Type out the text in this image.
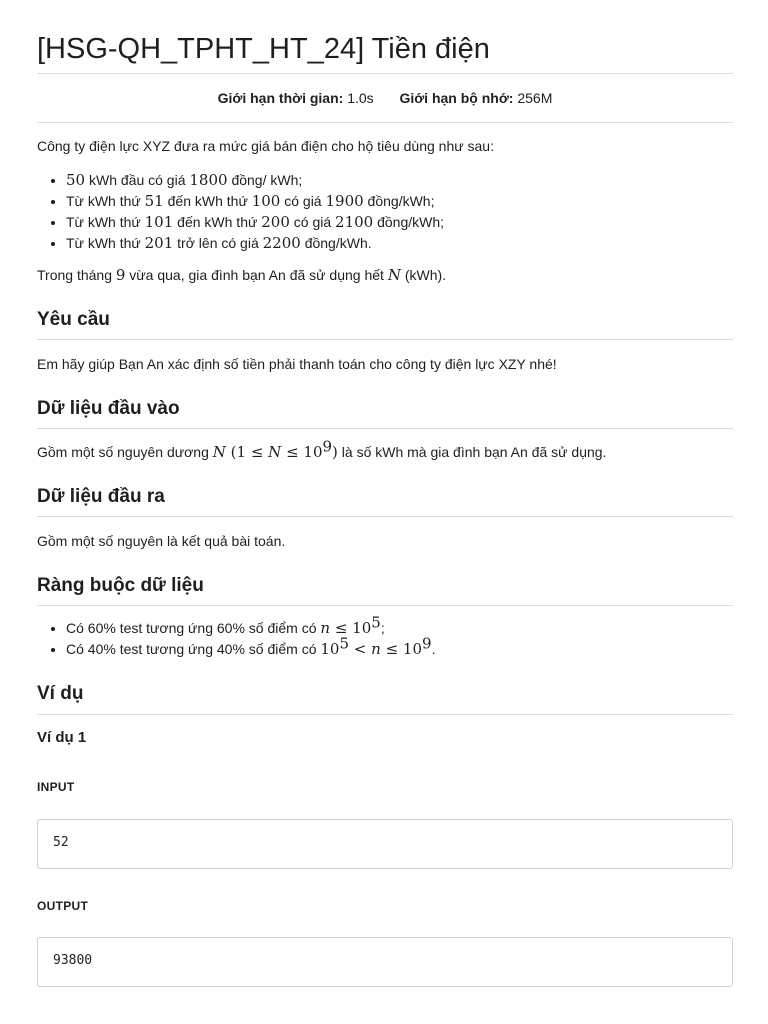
[HSG-QH_TPHT_HT_24] Tiền điện
Giới hạn thời gian: 1.0s Giới hạn bộ nhớ: 256M

Công ty điện lực XYZ đưa ra mức giá bán điện cho hộ tiêu dùng như sau:

• 50 kWh đầu có giá 1800 đồng/ kWh;
• Từ kWh thứ 51 đến kWh thứ 100 có giá 1900 đồng/kWh;
• Từ kWh thứ 101 đến kWh thứ 200 có giá 2100 đồng/kWh;
• Từ kWh thứ 201 trở lên có giá 2200 đồng/kWh.

Trong tháng 9 vừa qua, gia đình bạn An đã sử dụng hết N (kWh).

Yêu cầu

Em hãy giúp Bạn An xác định số tiền phải thanh toán cho công ty điện lực XZY nhé!

Dữ liệu đầu vào

Gồm một số nguyên dương N $(1 \le N \le 10^9)$ là số kWh mà gia đình bạn An đã sử dụng.

Dữ liệu đầu ra

Gồm một số nguyên là kết quả bài toán.

Ràng buộc dữ liệu
• Có 60% test tương ứng 60% số điểm có $n \le 10^5$;
• Có 40% test tương ứng 40% số điểm có $10^5 < n \le 10^9$.
Ví dụ
Ví dụ 1
INPUT
52
OUTPUT
93800
